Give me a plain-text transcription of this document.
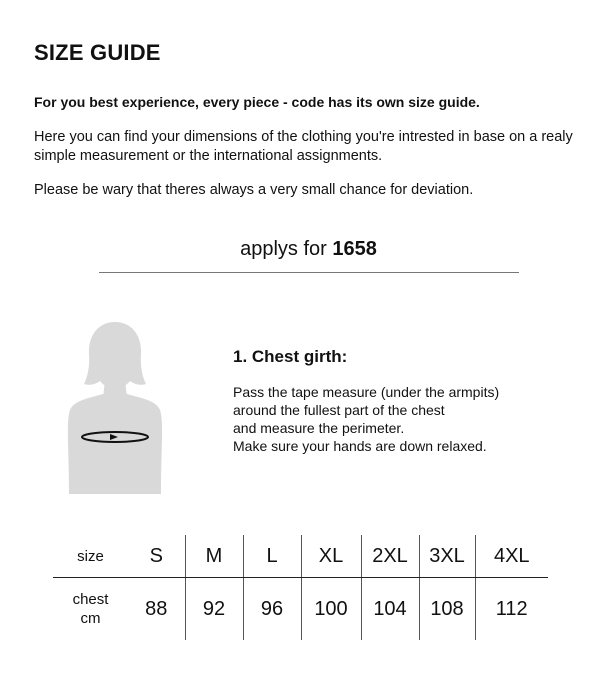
SIZE GUIDE
For you best experience, every piece - code has its own size guide.
Here you can find your dimensions of the clothing you're intrested in base on a realy simple measurement or the international assignments.
Please be wary that theres always a very small chance for deviation.
applys for 1658
1. Chest girth:
Pass the tape measure (under the armpits)
around the fullest part of the chest
and measure the perimeter.
Make sure your hands are down relaxed.
size	S	M	L	XL	2XL	3XL	4XL
chest
cm	88	92	96	100	104	108	112
